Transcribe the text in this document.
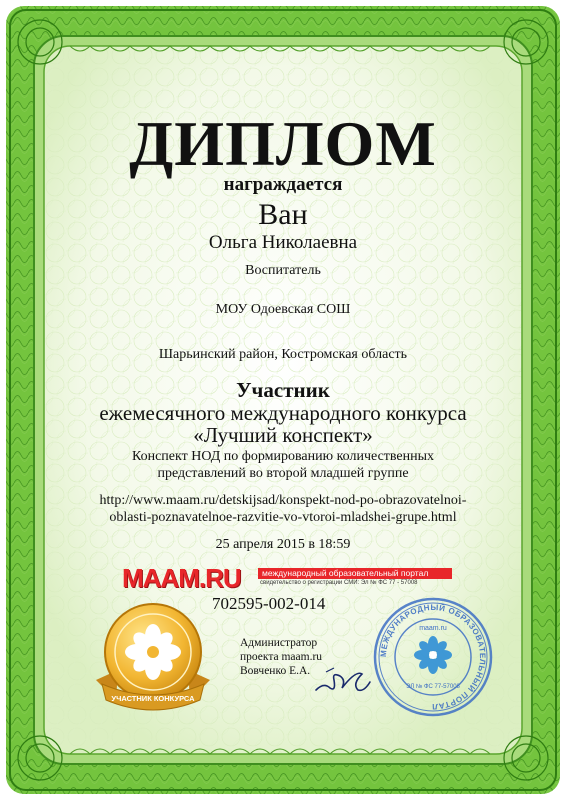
ДИПЛОМ
награждается
Ван
Ольга Николаевна
Воспитатель
МОУ Одоевская СОШ
Шарьинский район, Костромская область
Участник
ежемесячного международного конкурса
«Лучший конспект»
Конспект НОД по формированию количественных
представлений во второй младшей группе
http://www.maam.ru/detskijsad/konspekt-nod-po-obrazovatelnoi-
oblasti-poznavatelnoe-razvitie-vo-vtoroi-mladshei-grupe.html
25 апреля 2015 в 18:59
MAAM.RU	международный образовательный портал
свидетельство о регистрации СМИ: Эл № ФС 77 - 57008
702595-002-014
УЧАСТНИК КОНКУРСА
Администратор
проекта maam.ru
Вовченко Е.А.
МЕЖДУНАРОДНЫЙ ОБРАЗОВАТЕЛЬНЫЙ ПОРТАЛ
maam.ru
ЭЛ № ФС 77-57008
